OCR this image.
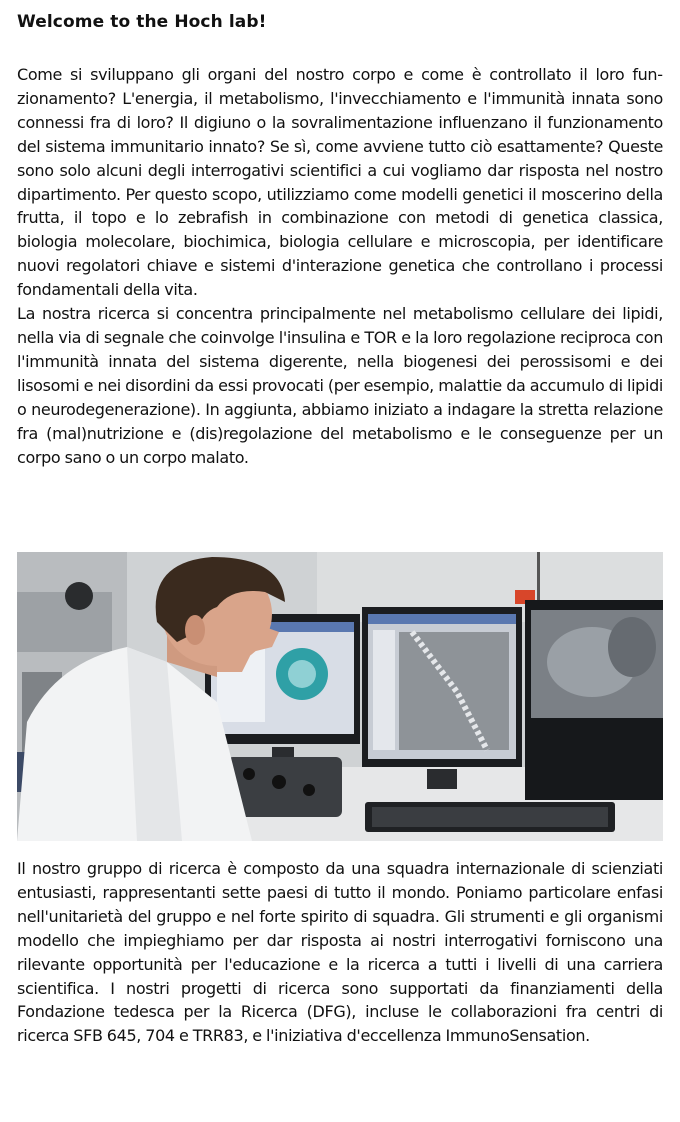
Welcome to the Hoch lab!

Come si sviluppano gli organi del nostro corpo e come è controllato il loro funzionamento? L'energia, il metabolismo, l'invecchiamento e l'immunità innata sono connessi fra di loro? Il digiuno o la sovralimentazione influenzano il funzionamento del sistema immunitario innato? Se sì, come avviene tutto ciò esattamente? Queste sono solo alcuni degli interrogativi scientifici a cui vogliamo dar risposta nel nostro dipartimento. Per questo scopo, utilizziamo come modelli genetici il moscerino della frutta, il topo e lo zebrafish in combinazione con metodi di genetica classica, biologia molecolare, biochimica, biologia cellulare e microscopia, per identificare nuovi regolatori chiave e sistemi d'interazione genetica che controllano i processi fondamentali della vita.

La nostra ricerca si concentra principalmente nel metabolismo cellulare dei lipidi, nella via di segnale che coinvolge l'insulina e TOR e la loro regolazione reciproca con l'immunità innata del sistema digerente, nella biogenesi dei perossisomi e dei lisosomi e nei disordini da essi provocati (per esempio, malattie da accumulo di lipidi o neurodegenerazione). In aggiunta, abbiamo iniziato a indagare la stretta relazione fra (mal)nutrizione e (dis)regolazione del metabolismo e le conseguenze per un corpo sano o un corpo malato.

Il nostro gruppo di ricerca è composto da una squadra internazionale di scienziati entusiasti, rappresentanti sette paesi di tutto il mondo. Poniamo particolare enfasi nell'unitarietà del gruppo e nel forte spirito di squadra. Gli strumenti e gli organismi modello che impieghiamo per dar risposta ai nostri interrogativi forniscono una rilevante opportunità per l'educazione e la ricerca a tutti i livelli di una carriera scientifica. I nostri progetti di ricerca sono supportati da finanziamenti della Fondazione tedesca per la Ricerca (DFG), incluse le collaborazioni fra centri di ricerca SFB 645, 704 e TRR83, e l'iniziativa d'eccellenza ImmunoSensation.
